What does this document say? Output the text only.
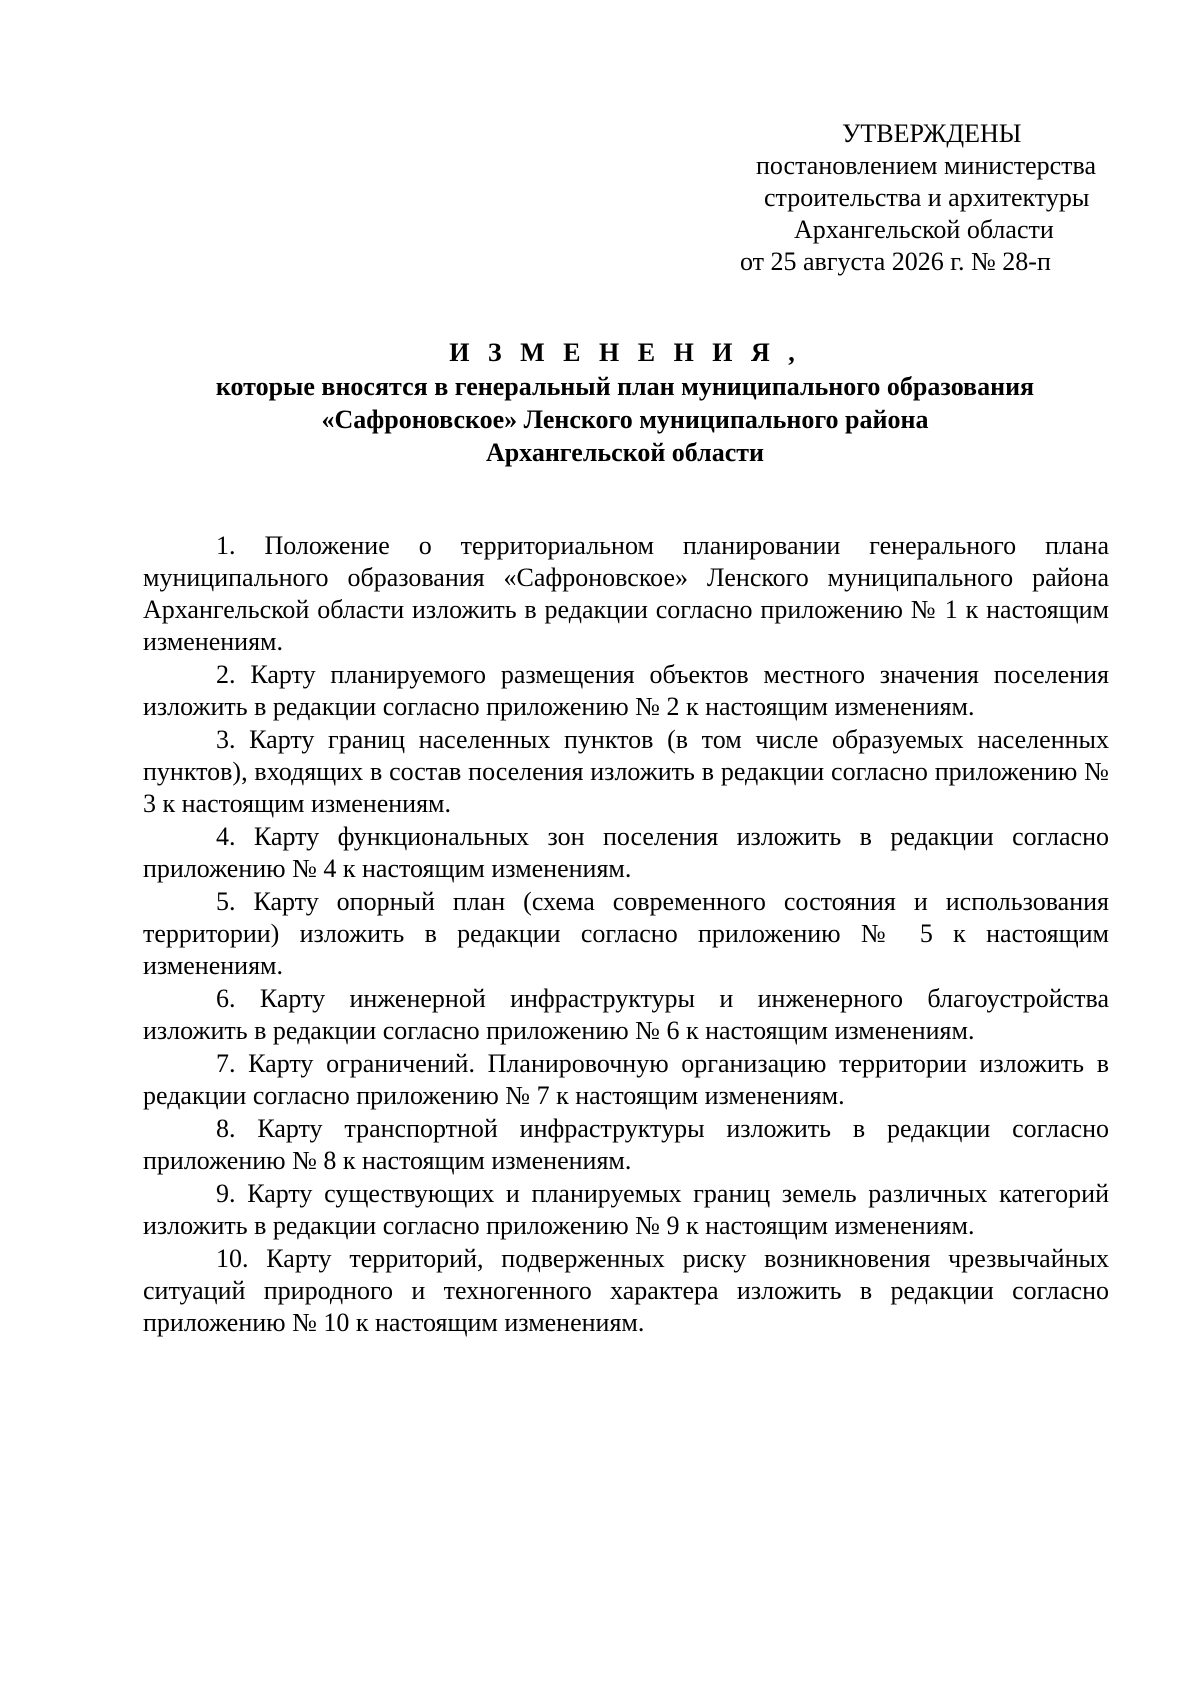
УТВЕРЖДЕНЫ
постановлением министерства
строительства и архитектуры
Архангельской области
от 25 августа 2026 г. № 28-п
И З М Е Н Е Н И Я ,
которые вносятся в генеральный план муниципального образования
«Сафроновское» Ленского муниципального района
Архангельской области

1. Положение о территориальном планировании генерального плана муниципального образования «Сафроновское» Ленского муниципального района Архангельской области изложить в редакции согласно приложению № 1 к настоящим изменениям.

2. Карту планируемого размещения объектов местного значения поселения изложить в редакции согласно приложению № 2 к настоящим изменениям.

3. Карту границ населенных пунктов (в том числе образуемых населенных пунктов), входящих в состав поселения изложить в редакции согласно приложению № 3 к настоящим изменениям.

4. Карту функциональных зон поселения изложить в редакции согласно приложению № 4 к настоящим изменениям.

5. Карту опорный план (схема современного состояния и использования территории) изложить в редакции согласно приложению № 5 к настоящим изменениям.

6. Карту инженерной инфраструктуры и инженерного благоустройства изложить в редакции согласно приложению № 6 к настоящим изменениям.

7. Карту ограничений. Планировочную организацию территории изложить в редакции согласно приложению № 7 к настоящим изменениям.

8. Карту транспортной инфраструктуры изложить в редакции согласно приложению № 8 к настоящим изменениям.

9. Карту существующих и планируемых границ земель различных категорий изложить в редакции согласно приложению № 9 к настоящим изменениям.

10. Карту территорий, подверженных риску возникновения чрезвычайных ситуаций природного и техногенного характера изложить в редакции согласно приложению № 10 к настоящим изменениям.
